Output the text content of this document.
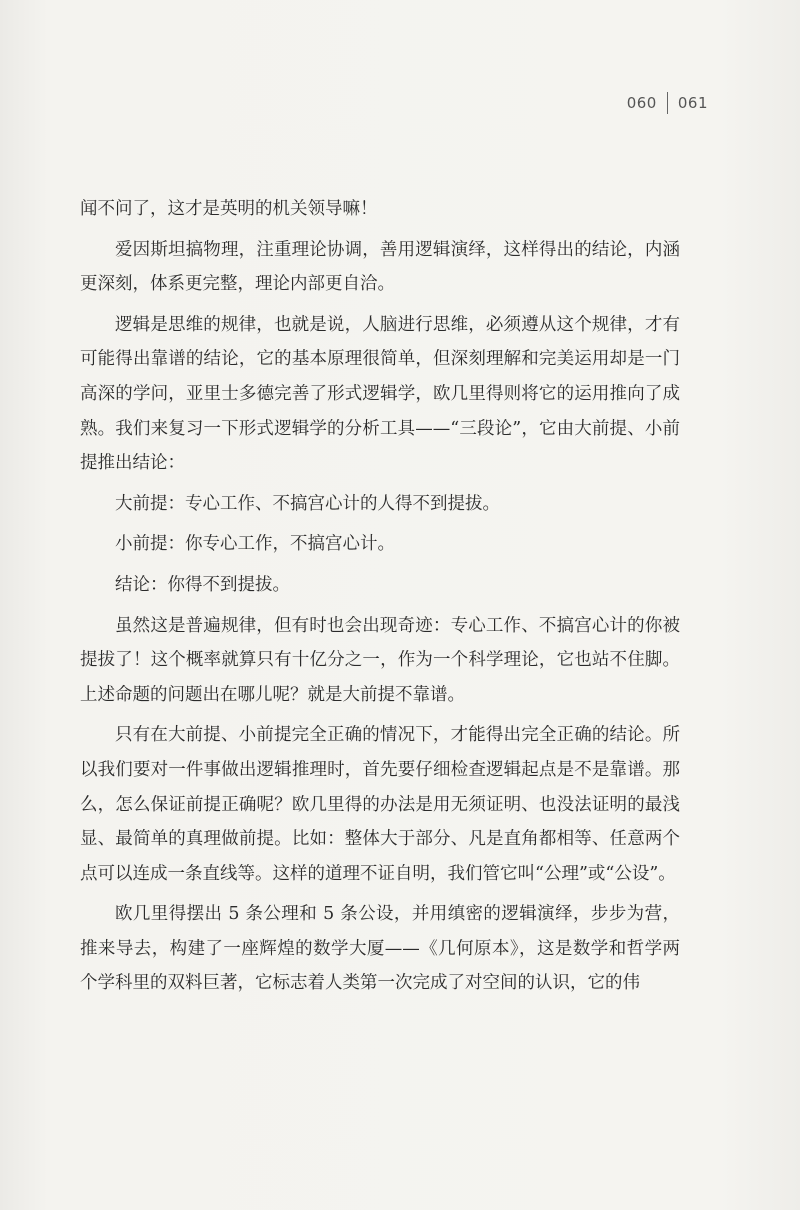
060 061

闻不问了，这才是英明的机关领导嘛！

爱因斯坦搞物理，注重理论协调，善用逻辑演绎，这样得出的结论，内涵更深刻，体系更完整，理论内部更自洽。

逻辑是思维的规律，也就是说，人脑进行思维，必须遵从这个规律，才有可能得出靠谱的结论，它的基本原理很简单，但深刻理解和完美运用却是一门高深的学问，亚里士多德完善了形式逻辑学，欧几里得则将它的运用推向了成熟。我们来复习一下形式逻辑学的分析工具——“三段论”，它由大前提、小前提推出结论：

大前提：专心工作、不搞宫心计的人得不到提拔。

小前提：你专心工作，不搞宫心计。

结论：你得不到提拔。

虽然这是普遍规律，但有时也会出现奇迹：专心工作、不搞宫心计的你被提拔了！这个概率就算只有十亿分之一，作为一个科学理论，它也站不住脚。上述命题的问题出在哪儿呢？就是大前提不靠谱。

只有在大前提、小前提完全正确的情况下，才能得出完全正确的结论。所以我们要对一件事做出逻辑推理时，首先要仔细检查逻辑起点是不是靠谱。那么，怎么保证前提正确呢？欧几里得的办法是用无须证明、也没法证明的最浅显、最简单的真理做前提。比如：整体大于部分、凡是直角都相等、任意两个点可以连成一条直线等。这样的道理不证自明，我们管它叫“公理”或“公设”。

欧几里得摆出 5 条公理和 5 条公设，并用缜密的逻辑演绎，步步为营，推来导去，构建了一座辉煌的数学大厦——《几何原本》，这是数学和哲学两个学科里的双料巨著，它标志着人类第一次完成了对空间的认识，它的伟
